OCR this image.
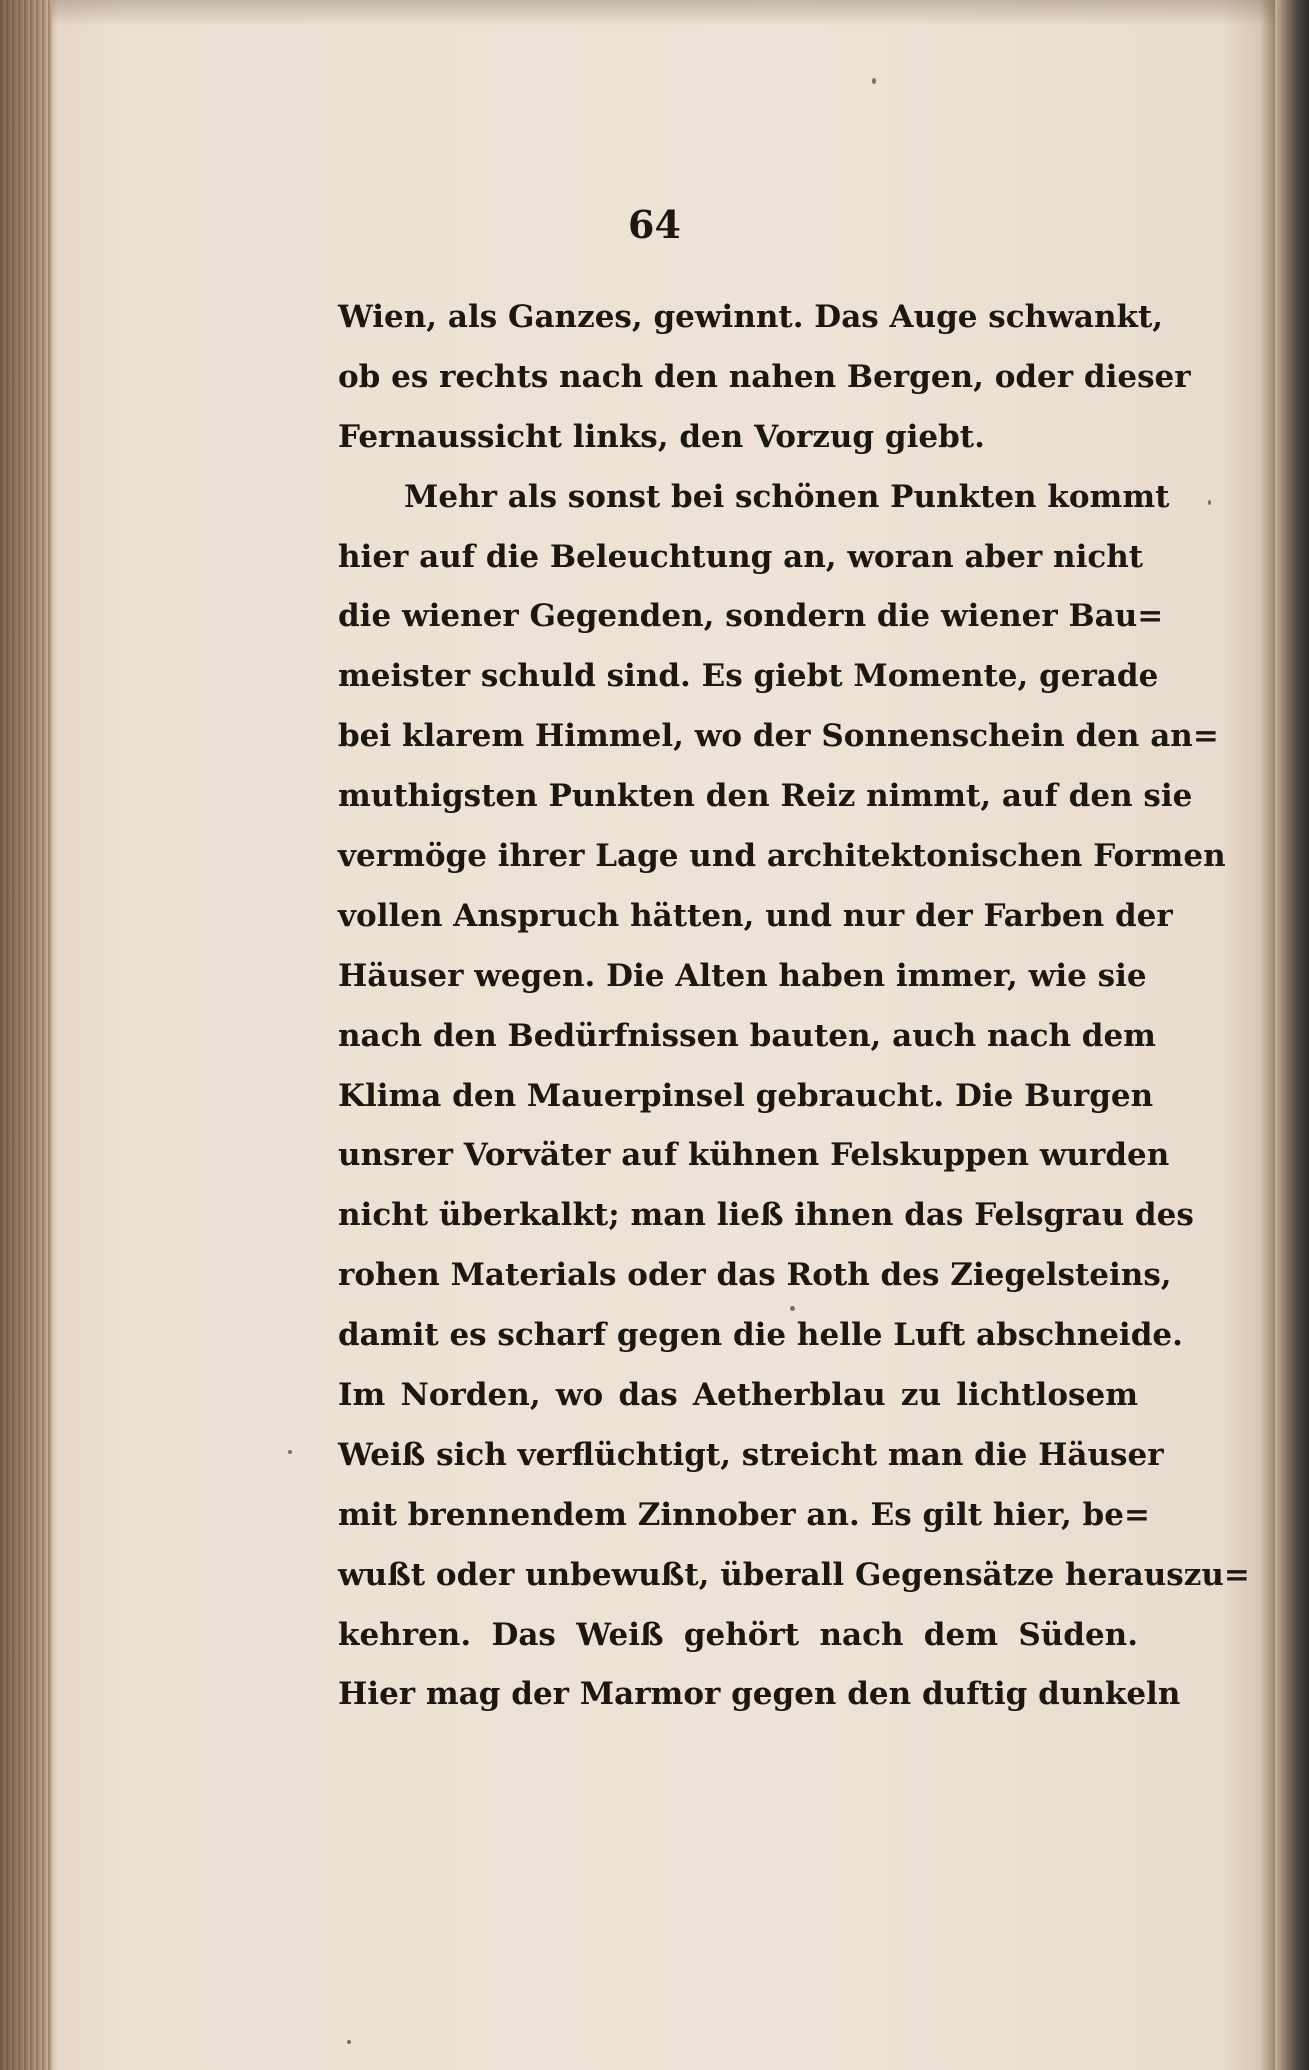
64
Wien, als Ganzes, gewinnt. Das Auge schwankt,
ob es rechts nach den nahen Bergen, oder dieser
Fernaussicht links, den Vorzug giebt.
Mehr als sonst bei schönen Punkten kommt
hier auf die Beleuchtung an, woran aber nicht
die wiener Gegenden, sondern die wiener Bau=
meister schuld sind. Es giebt Momente, gerade
bei klarem Himmel, wo der Sonnenschein den an=
muthigsten Punkten den Reiz nimmt, auf den sie
vermöge ihrer Lage und architektonischen Formen
vollen Anspruch hätten, und nur der Farben der
Häuser wegen. Die Alten haben immer, wie sie
nach den Bedürfnissen bauten, auch nach dem
Klima den Mauerpinsel gebraucht. Die Burgen
unsrer Vorväter auf kühnen Felskuppen wurden
nicht überkalkt; man ließ ihnen das Felsgrau des
rohen Materials oder das Roth des Ziegelsteins,
damit es scharf gegen die helle Luft abschneide.
Im Norden, wo das Aetherblau zu lichtlosem
Weiß sich verflüchtigt, streicht man die Häuser
mit brennendem Zinnober an. Es gilt hier, be=
wußt oder unbewußt, überall Gegensätze herauszu=
kehren. Das Weiß gehört nach dem Süden.
Hier mag der Marmor gegen den duftig dunkeln
